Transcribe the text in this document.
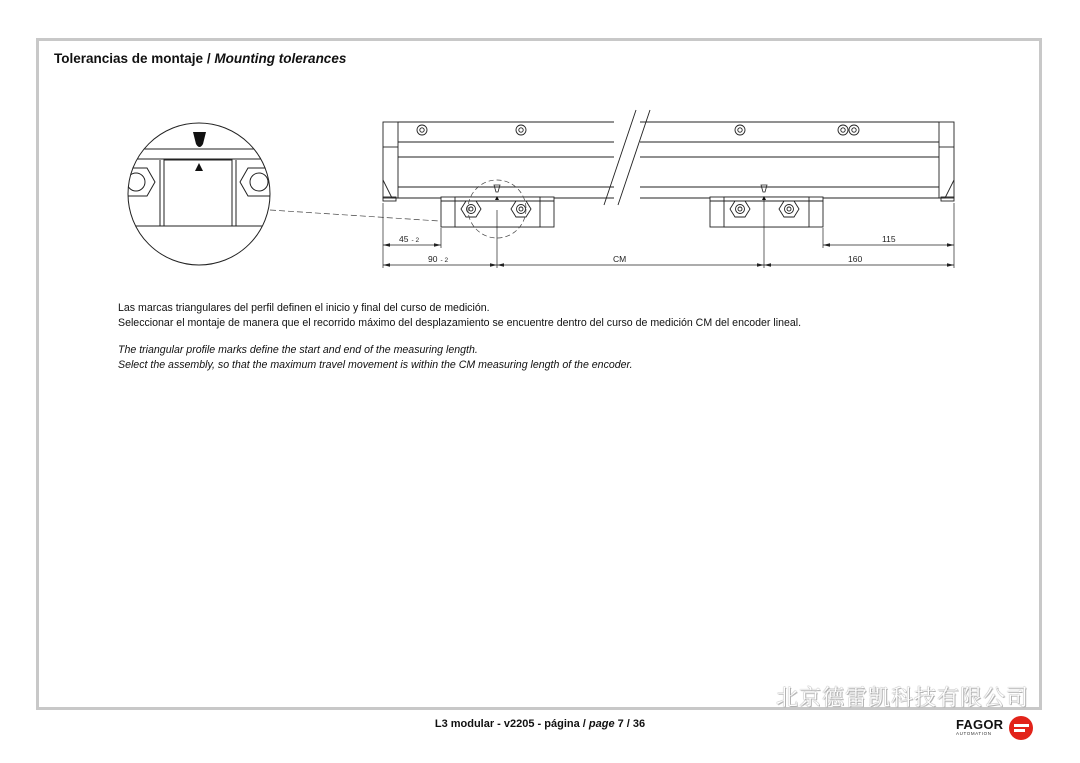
Tolerancias de montaje / Mounting tolerances
45 - 2
90 - 2	CM
115
160
Las marcas triangulares del perfil definen el inicio y final del curso de medición.
Seleccionar el montaje de manera que el recorrido máximo del desplazamiento se encuentre dentro del curso de medición CM del encoder lineal.
The triangular profile marks define the start and end of the measuring length.
Select the assembly, so that the maximum travel movement is within the CM measuring length of the encoder.
北京德雷凯科技有限公司
L3 modular - v2205 - página / page 7 / 36	FAGOR
AUTOMATION
